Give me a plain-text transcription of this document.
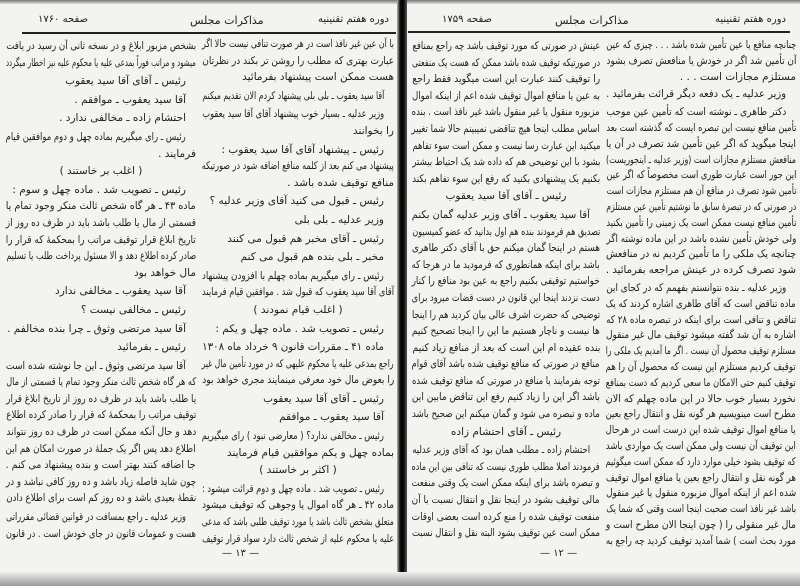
صفحه ۱۷۶۰	مذاکرات مجلس	دوره هفتم تقنینیه	صفحه ۱۷۵۹	مذاکرات مجلس	دوره هفتم تقنینیه
با آن عین غیر نافذ است در هر صورت تنافی نیست حالا اگر
عبارت بهتری که مطلب را روشن تر بکند در نظرتان
هست ممکن است پیشنهاد بفرمائید
آقا سید یعقوب ـ بلی بلی پیشنهاد کردم الان تقدیم میکنم
وزیر عدلیه ـ بسیار خوب پیشنهاد آقای آقا سید یعقوب
را بخوانند
رئیس ـ پیشنهاد آقای آقا سید یعقوب :
پیشنهاد می کنم بعد از کلمه منافع اضافه شود در صورتیکه
منافع توقیف شده باشد .
رئیس ـ قبول می کنید آقای وزیر عدلیه ؟
وزیر عدلیه ـ بلی بلی
رئیس ـ آقای مخبر هم قبول می کنند
مخبر ـ بلی بنده هم قبول می کنم
رئیس ـ رای میگیریم بماده چهلم با افزودن پیشنهاد
آقای آقا سید یعقوب که قبول شد . موافقین قیام فرمایند
( اغلب قیام نمودند )
رئیس ـ تصویب شد . ماده چهل و یکم :
ماده ۴۱ ـ مقررات قانون ۹ خرداد ماه ۱۳۰۸
راجع بمدعی علیه یا محکوم علیهی که در مورد تأمین مال غیر
را بعوض مال خود معرفی مینمایند مجری خواهد بود
رئیس ـ آقای آقا سید یعقوب
آقا سید یعقوب ـ موافقم
رئیس ـ مخالفی ندارد؟ ( معارضی نبود ) رای میگیریم
بماده چهل و یکم موافقین قیام فرمایند
( اکثر بر خاستند )
رئیس ـ تصویب شد . ماده چهل و دوم قرائت میشود :
ماده ۴۲ ـ هر گاه اموال یا وجوهی که توقیف میشود
متعلق بشخص ثالث باشد یا مورد توقیف طلبی باشد که مدعی
علیه یا محکوم علیه از شخص ثالث دارد سواد قرار توقیف
بشخص مزبور ابلاغ و در نسخه ثانی آن رسید در یافت
میشود و مراتب فوراً بمدعی علیه یا محکوم علیه نیز اخطار میگردد
رئیس ـ آقای آقا سید یعقوب
آقا سید یعقوب ـ موافقم .
احتشام زاده ـ مخالفی ندارد .
رئیس ـ رای میگیریم بماده چهل و دوم موافقین قیام
فرمایند .
( اغلب بر خاستند )
رئیس ـ تصویب شد . ماده چهل و سوم :
ماده ۴۳ ـ هر گاه شخص ثالث منکر وجود تمام یا
قسمتی از مال یا طلب باشد باید در ظرف ده روز از
تاریخ ابلاغ قرار توقیف مراتب را بمحکمهٔ که قرار را
صادر کرده اطلاع دهد و الا مسئول پرداخت طلب یا تسلیم
مال خواهد بود
آقا سید یعقوب ـ مخالفی ندارد
رئیس ـ مخالفی نیست ؟
آقا سید مرتضی وثوق ـ چرا بنده مخالفم .
رئیس ـ بفرمائید
آقا سید مرتضی وثوق ـ این جا نوشته شده است
که هر گاه شخص ثالث منکر وجود تمام یا قسمتی از مال
یا طلب باشد باید در ظرف ده روز از تاریخ ابلاغ قرار
توقیف مراتب را بمحکمهٔ که قرار را صادر کرده اطلاع
دهد و حال آنکه ممکن است در ظرف ده روز نتواند
اطلاع دهد پس اگر یک جملهٔ در صورت امکان هم این
جا اضافه کنند بهتر است و بنده پیشنهاد می کنم .
چون شاید فاصله زیاد باشد و ده روز کافی نباشد و در
نقطهٔ بعیدی باشد و ده روز کم است برای اطلاع دادن
وزیر عدلیه ـ راجع بمسافت در قوانین قضائی مقرراتی
هست و عمومات قانون در جای خودش است . در قانون
چنانچه منافع یا عین تأمین شده باشد . . . چیزی که عین
آن تأمین شد اگر در خودش یا منافعش تصرف بشود
مستلزم مجازات است . . .
وزیر عدلیه ـ یک دفعه دیگر قرائت بفرمائید .
دکتر طاهری ـ نوشته است که تأمین عین موجب
تأمین منافع نیست این تبصره ایست که گذشته است بعد
اینجا میگوید که اگر عین تأمین شد تصرف در آن یا
منافعش مستلزم مجازات است (وزیر عدلیه ـ اینجوریست)
این جور است عبارت طوری است مخصوصاً که اگر عین
تأمین شود تصرف در منافع آن هم مستلزم مجازات است
در صورتی که در تبصرهٔ سابق ما نوشتیم تأمین عین مستلزم
تأمین منافع نیست ممکن است یک زمینی را تأمین بکنید
ولی خودش تأمین نشده باشد در این ماده نوشته اگر
چنانچه یک ملکی را ما تأمین کردیم نه در منافعش
شود تصرف کرده در عینش مراجعه بفرمائید .
وزیر عدلیه ـ بنده نتوانستم بفهمم که در کجای این
ماده تناقض است که آقای طاهری اشاره کردند که یک
تناقض و تنافی است برای اینکه در تبصره ماده ۲۸ که
اشاره به آن شد گفته میشود توقیف مال غیر منقول
مستلزم توقیف محصول آن نیست . اگر ما آمدیم یک ملکی را
توقیف کردیم مستلزم این نیست که محصول آن را هم
توقیف کنیم حتی الامکان ما سعی کردیم که دست بمنافع
نخورد بسیار خوب حالا در این ماده چهلم که الان
مطرح است مینویسیم هر گونه نقل و انتقال راجع بعین
یا منافع اموال توقیف شده این درست است در هرحال
این توقیف آن نیست ولی ممکن است یک مواردی باشد
که توقیف بشود خیلی موارد دارد که ممکن است میگوئیم
هر گونه نقل و انتقال راجع بعین یا منافع اموال توقیف
شده اعم از اینکه اموال مزبوره منقول یا غیر منقول
باشد غیر نافذ است صحبت اینجا است وقتی که شما یک
مال غیر منقولی را ( چون اینجا الان مطرح است و
مورد بحث است ) شما آمدید توقیف کردید چه راجع به
عینش در صورتی که مورد توقیف باشد چه راجع بمنافع
در صورتیکه توقیف شده باشد ممکن که هست یک منفعتی
را توقیف کنند عبارت این است میگوید فقط راجع
به عین یا منافع اموال توقیف شده اعم از اینکه اموال
مزبوره منقول یا غیر منقول باشد غیر نافذ است . بنده
اساس مطلب اینجا هیچ تناقضی نمیبینم حالا شما تغییر
میکنید این عبارت رسا نیست و ممکن است سوء تفاهم
بشود با این توضیحی هم که داده شد یک احتیاط بیشتر
بکنیم یک پیشنهادی بکنید که رفع این سوء تفاهم بکند
رئیس ـ آقای آقا سید یعقوب
آقا سید یعقوب ـ آقای وزیر عدلیه گمان بکنم
تصدیق هم فرمودند بنده هم اول بدانید که عضو کمیسیون
هستم در اینجا گمان میکنم حق با آقای دکتر طاهری
باشد برای اینکه همانطوری که فرمودید ما در هرجا که
خواستیم توقیفی بکنیم راجع به عین بود منافع را کنار
دست نزدند اینجا این قانون در دست قضات میرود برای
توضیحی که حضرت اشرف عالی بیان کردید هم را اینجا
ها نیست و ناچار هستیم ما این را اینجا تصحیح کنیم
بنده عقیده ام این است که بعد از منافع زیاد کنیم
منافع در صورتی که منافع توقیف شده باشد آقای قوام
توجه بفرمایند یا منافع در صورتی که منافع توقیف شده
باشد اگر این را زیاد کنیم رفع این تناقض مابین این
ماده و تبصره می شود و گمان میکنم این صحیح باشد
رئیس ـ آقای احتشام زاده
احتشام زاده ـ مطلب همان بود که آقای وزیر عدلیه
فرمودند اصلا مطلب طوری نیست که تنافی بین این ماده
و تبصره باشد برای اینکه ممکن است یک وقتی منفعت
مالی توقیف بشود در اینجا نقل و انتقال نسبت با آن
منفعت توقیف شده را منع کرده است بعضی اوقات
ممکن است عین توقیف بشود البته نقل و انتقال نسبت
— ۱۳ —	— ۱۲ —
